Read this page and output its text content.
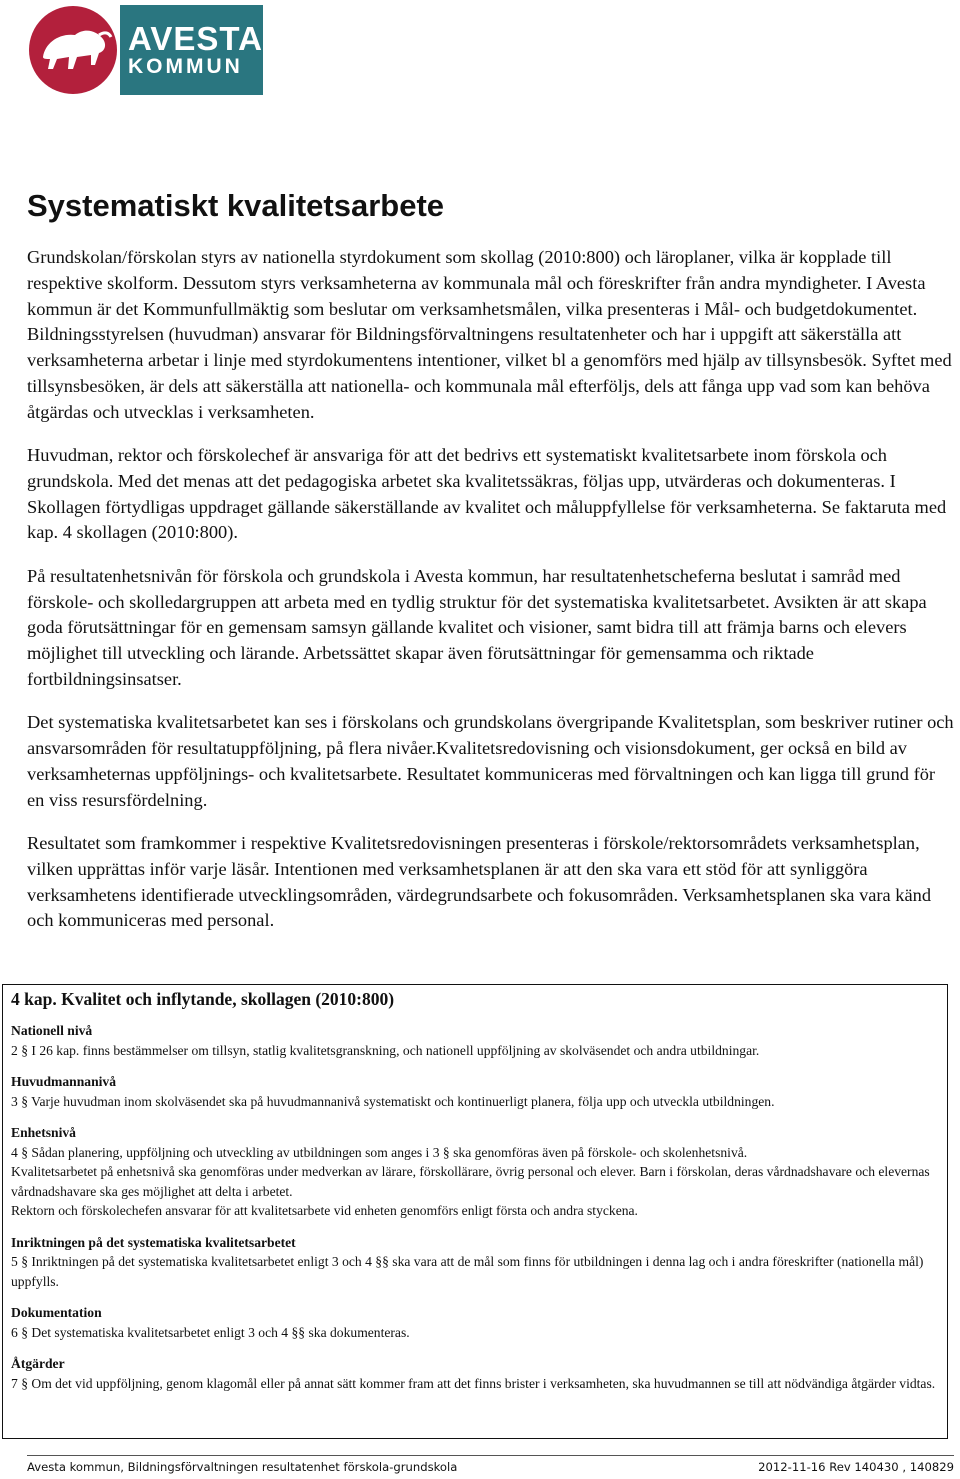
AVESTA
KOMMUN
Systematiskt kvalitetsarbete

Grundskolan/förskolan styrs av nationella styrdokument som skollag (2010:800) och läroplaner, vilka är kopplade till respektive skolform. Dessutom styrs verksamheterna av kommunala mål och föreskrifter från andra myndigheter. I Avesta kommun är det Kommunfullmäktig som beslutar om verksamhetsmålen, vilka presenteras i Mål- och budgetdokumentet. Bildningsstyrelsen (huvudman) ansvarar för Bildningsförvaltningens resultatenheter och har i uppgift att säkerställa att verksamheterna arbetar i linje med styrdokumentens intentioner, vilket bl a genomförs med hjälp av tillsynsbesök. Syftet med tillsynsbesöken, är dels att säkerställa att nationella- och kommunala mål efterföljs, dels att fånga upp vad som kan behöva åtgärdas och utvecklas i verksamheten.

Huvudman, rektor och förskolechef är ansvariga för att det bedrivs ett systematiskt kvalitetsarbete inom förskola och grundskola. Med det menas att det pedagogiska arbetet ska kvalitetssäkras, följas upp, utvärderas och dokumenteras. I Skollagen förtydligas uppdraget gällande säkerställande av kvalitet och måluppfyllelse för verksamheterna. Se faktaruta med kap. 4 skollagen (2010:800).

På resultatenhetsnivån för förskola och grundskola i Avesta kommun, har resultatenhetscheferna beslutat i samråd med förskole- och skolledargruppen att arbeta med en tydlig struktur för det systematiska kvalitetsarbetet. Avsikten är att skapa goda förutsättningar för en gemensam samsyn gällande kvalitet och visioner, samt bidra till att främja barns och elevers möjlighet till utveckling och lärande. Arbetssättet skapar även förutsättningar för gemensamma och riktade fortbildningsinsatser.

Det systematiska kvalitetsarbetet kan ses i förskolans och grundskolans övergripande Kvalitetsplan, som beskriver rutiner och ansvarsområden för resultatuppföljning, på flera nivåer.Kvalitetsredovisning och visionsdokument, ger också en bild av verksamheternas uppföljnings- och kvalitetsarbete. Resultatet kommuniceras med förvaltningen och kan ligga till grund för en viss resursfördelning.

Resultatet som framkommer i respektive Kvalitetsredovisningen presenteras i förskole/rektorsområdets verksamhetsplan, vilken upprättas inför varje läsår. Intentionen med verksamhetsplanen är att den ska vara ett stöd för att synliggöra verksamhetens identifierade utvecklingsområden, värdegrundsarbete och fokusområden. Verksamhetsplanen ska vara känd och kommuniceras med personal.

4 kap. Kvalitet och inflytande, skollagen (2010:800)
Nationell nivå
2 § I 26 kap. finns bestämmelser om tillsyn, statlig kvalitetsgranskning, och nationell uppföljning av skolväsendet och andra utbildningar.
Huvudmannanivå
3 § Varje huvudman inom skolväsendet ska på huvudmannanivå systematiskt och kontinuerligt planera, följa upp och utveckla utbildningen.
Enhetsnivå
4 § Sådan planering, uppföljning och utveckling av utbildningen som anges i 3 § ska genomföras även på förskole- och skolenhetsnivå.
Kvalitetsarbetet på enhetsnivå ska genomföras under medverkan av lärare, förskollärare, övrig personal och elever. Barn i förskolan, deras vårdnadshavare och elevernas vårdnadshavare ska ges möjlighet att delta i arbetet.
Rektorn och förskolechefen ansvarar för att kvalitetsarbete vid enheten genomförs enligt första och andra styckena.
Inriktningen på det systematiska kvalitetsarbetet
5 § Inriktningen på det systematiska kvalitetsarbetet enligt 3 och 4 §§ ska vara att de mål som finns för utbildningen i denna lag och i andra föreskrifter (nationella mål) uppfylls.
Dokumentation
6 § Det systematiska kvalitetsarbetet enligt 3 och 4 §§ ska dokumenteras.
Åtgärder
7 § Om det vid uppföljning, genom klagomål eller på annat sätt kommer fram att det finns brister i verksamheten, ska huvudmannen se till att nödvändiga åtgärder vidtas.
Avesta kommun, Bildningsförvaltningen resultatenhet förskola-grundskola	2012-11-16 Rev 140430 , 140829
